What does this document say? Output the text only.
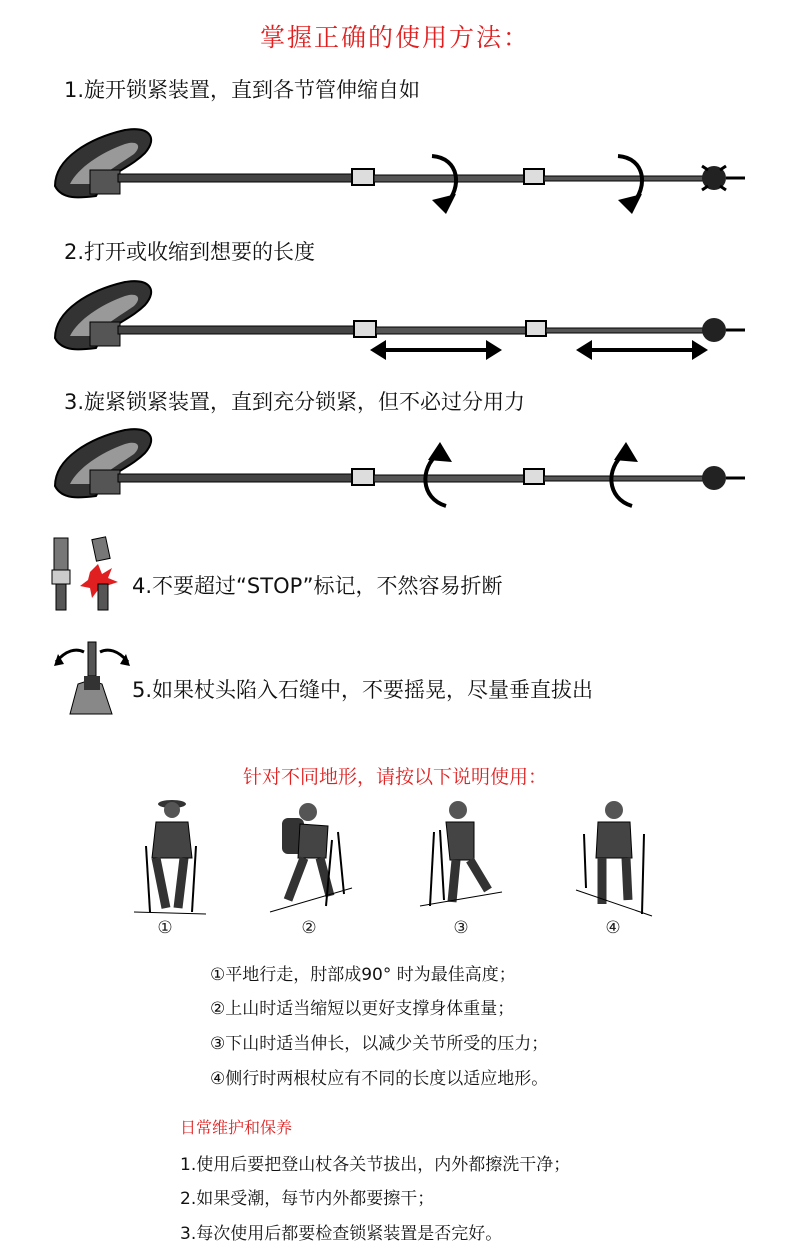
掌握正确的使用方法：
1.旋开锁紧装置，直到各节管伸缩自如
2.打开或收缩到想要的长度
3.旋紧锁紧装置，直到充分锁紧，但不必过分用力
4.不要超过“STOP”标记，不然容易折断
5.如果杖头陷入石缝中，不要摇晃，尽量垂直拔出
针对不同地形，请按以下说明使用：
①	②	③	④
①平地行走，肘部成90° 时为最佳高度；
②上山时适当缩短以更好支撑身体重量；
③下山时适当伸长，以减少关节所受的压力；
④侧行时两根杖应有不同的长度以适应地形。
日常维护和保养
1.使用后要把登山杖各关节拔出，内外都擦洗干净；
2.如果受潮，每节内外都要擦干；
3.每次使用后都要检查锁紧装置是否完好。
